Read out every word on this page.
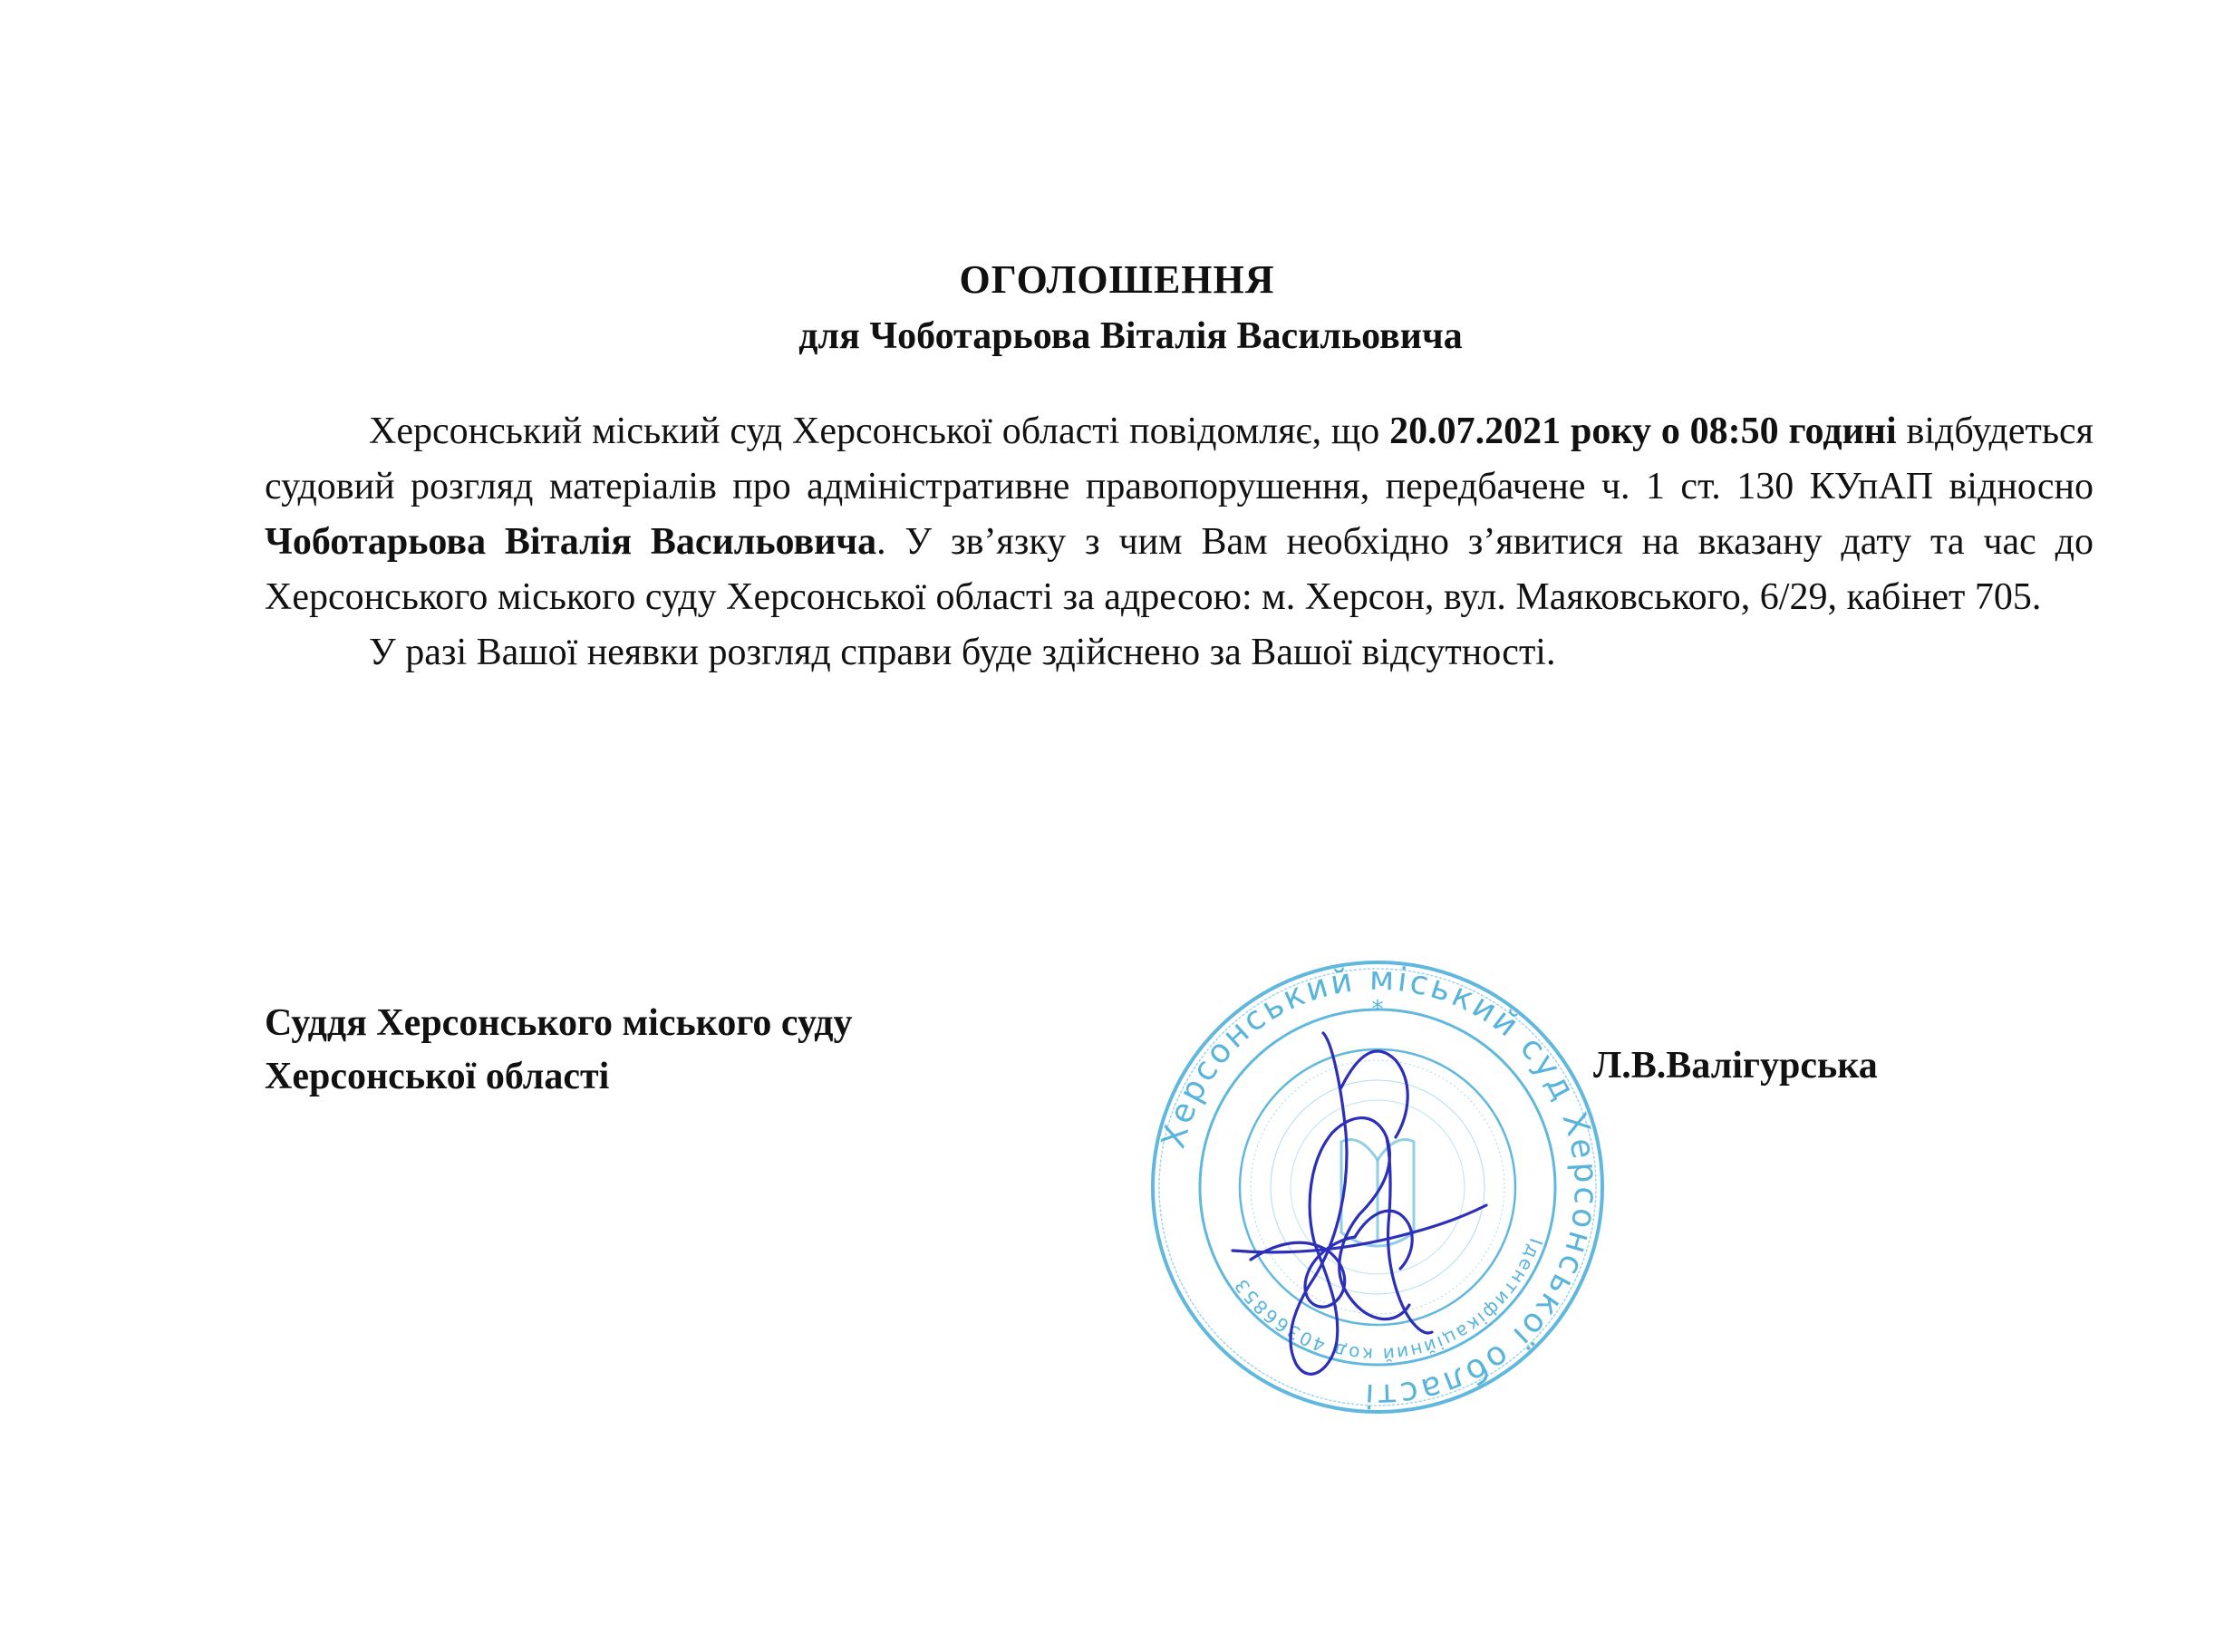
ОГОЛОШЕННЯ
для Чоботарьова Віталія Васильовича

Херсонський міський суд Херсонської області повідомляє, що 20.07.2021 року о 08:50 годині відбудеться судовий розгляд матеріалів про адміністративне правопорушення, передбачене ч. 1 ст. 130 КУпАП відносно Чоботарьова Віталія Васильовича. У зв’язку з чим Вам необхідно з’явитися на вказану дату та час до Херсонського міського суду Херсонської області за адресою: м. Херсон, вул. Маяковського, 6/29, кабінет 705.

У разі Вашої неявки розгляд справи буде здійснено за Вашої відсутності.

Суддя Херсонського міського суду
Херсонської області	Л.В.Валігурська
Херсонський міський суд Херсонської області
Ідентифікаційний код 40366853
*
